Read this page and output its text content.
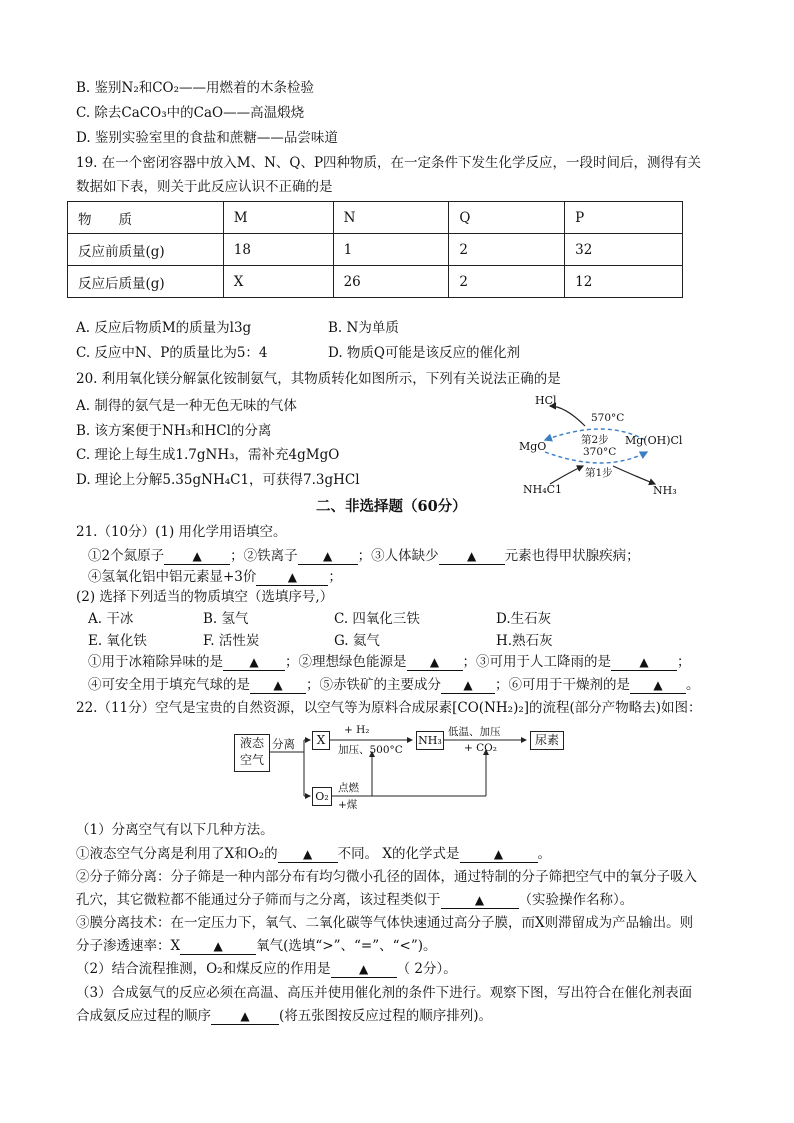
B. 鉴别N₂和CO₂——用燃着的木条检验
C. 除去CaCO₃中的CaO——高温煅烧
D. 鉴别实验室里的食盐和蔗糖——品尝味道
19. 在一个密闭容器中放入M、N、Q、P四种物质，在一定条件下发生化学反应，一段时间后，测得有关
数据如下表，则关于此反应认识不正确的是
物　　质	M	N	Q	P
反应前质量(g)	18	1	2	32
反应后质量(g)	X	26	2	12
A. 反应后物质M的质量为l3g	B. N为单质
C. 反应中N、P的质量比为5：4	D. 物质Q可能是该反应的催化剂
20. 利用氧化镁分解氯化铵制氨气，其物质转化如图所示，下列有关说法正确的是
A. 制得的氨气是一种无色无味的气体
B. 该方案便于NH₃和HCl的分离
C. 理论上每生成1.7gNH₃，需补充4gMgO
D. 理论上分解5.35gNH₄C1，可获得7.3gHCl
HCl
570°C
第2步
MgO	Mg(OH)Cl
370°C
第1步
NH₄C1	NH₃
二、非选择题（60分）
21.（10分）(1) 用化学用语填空。
①2个氮原子 ▲ ；②铁离子 ▲ ；③人体缺少 ▲ 元素也得甲状腺疾病；
④氢氧化铝中铝元素显+3价	▲ ；
(2) 选择下列适当的物质填空（选填序号,）
A. 干冰	B. 氢气	C. 四氧化三铁	D.生石灰
E. 氧化铁	F. 活性炭	G. 氦气	H.熟石灰
①用于冰箱除异味的是 ▲ ；②理想绿色能源是 ▲ ；③可用于人工降雨的是 ▲ ；
④可安全用于填充气球的是 ▲ ；⑤赤铁矿的主要成分 ▲ ；⑥可用于干燥剂的是 ▲ 。
22.（11分）空气是宝贵的自然资源，以空气等为原料合成尿素[CO(NH₂)₂]的流程(部分产物略去)如图：
液态空气
分离	X
+ H₂
加压、500°C
NH₃
低温、加压
+ CO₂
尿素
O₂
点燃
+煤
（1）分离空气有以下几种方法。
①液态空气分离是利用了X和O₂的 ▲ 不同。 X的化学式是	▲	。
②分子筛分离：分子筛是一种内部分布有均匀微小孔径的固体，通过特制的分子筛把空气中的氧分子吸入
孔穴，其它微粒都不能通过分子筛而与之分离，该过程类似于	▲	（实验操作名称）。
③膜分离技术：在一定压力下，氧气、二氧化碳等气体快速通过高分子膜，而X则滞留成为产品输出。则
分子渗透速率：X	▲ 氧气(选填“>”、“=”、“<”)。
（2）结合流程推测，O₂和煤反应的作用是 ▲ （ 2分）。
（3）合成氨气的反应必须在高温、高压并使用催化剂的条件下进行。观察下图，写出符合在催化剂表面
合成氨反应过程的顺序 ▲ (将五张图按反应过程的顺序排列)。
